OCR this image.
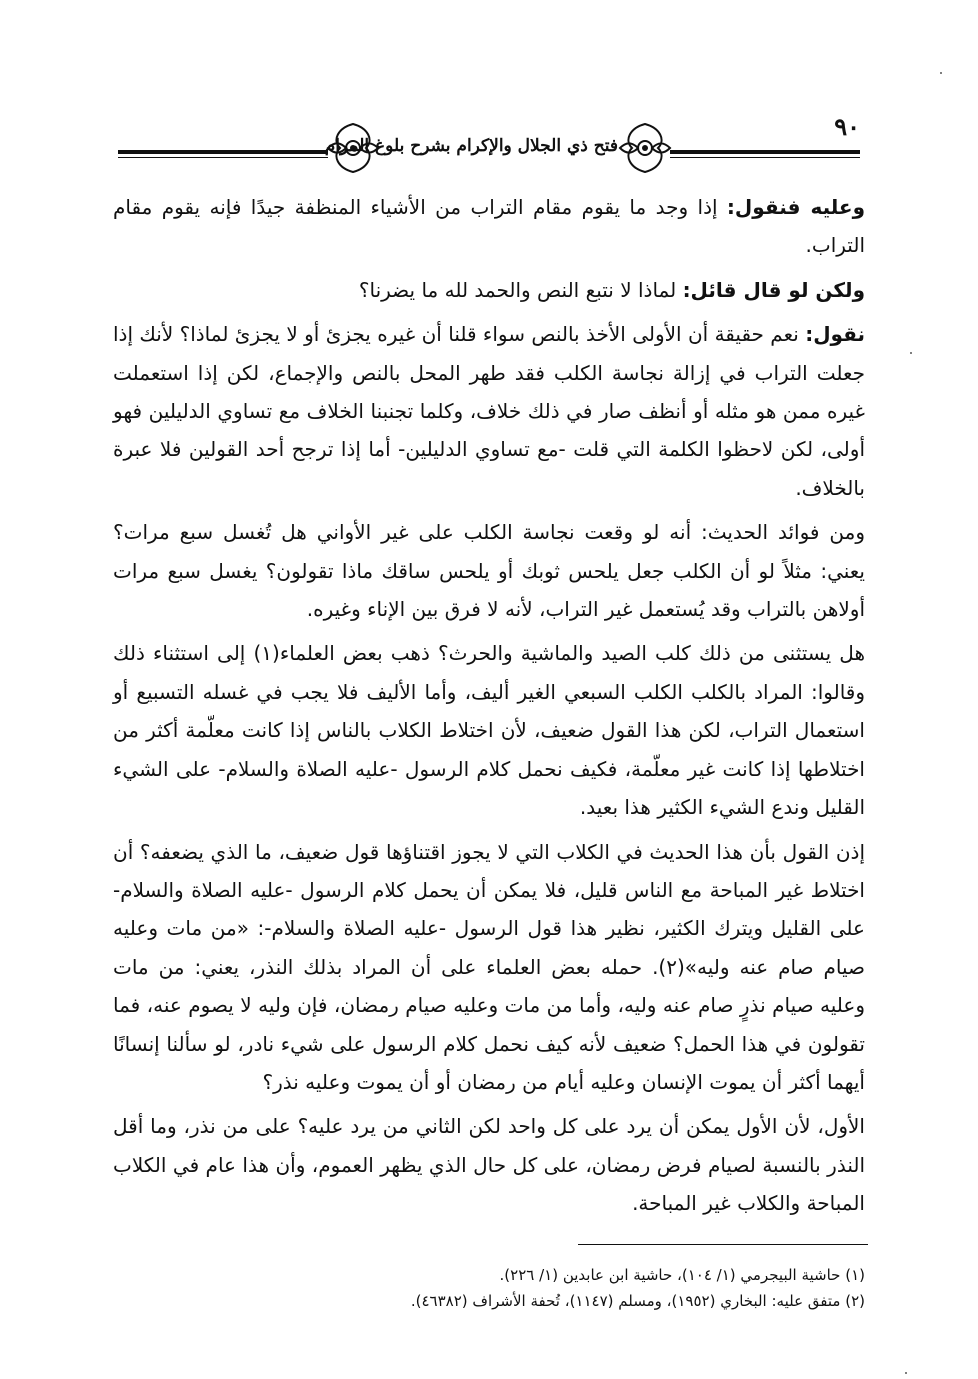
فتح ذي الجلال والإكرام بشرح بلوغ المرام
٩٠

وعليه فنقول: إذا وجد ما يقوم مقام التراب من الأشياء المنظفة جيدًا فإنه يقوم مقام التراب.

ولكن لو قال قائل: لماذا لا نتبع النص والحمد لله ما يضرنا؟

نقول: نعم حقيقة أن الأولى الأخذ بالنص سواء قلنا أن غيره يجزئ أو لا يجزئ لماذا؟ لأنك إذا جعلت التراب في إزالة نجاسة الكلب فقد طهر المحل بالنص والإجماع، لكن إذا استعملت غيره ممن هو مثله أو أنظف صار في ذلك خلاف، وكلما تجنبنا الخلاف مع تساوي الدليلين فهو أولى، لكن لاحظوا الكلمة التي قلت -مع تساوي الدليلين- أما إذا ترجح أحد القولين فلا عبرة بالخلاف.

ومن فوائد الحديث: أنه لو وقعت نجاسة الكلب على غير الأواني هل تُغسل سبع مرات؟ يعني: مثلاً لو أن الكلب جعل يلحس ثوبك أو يلحس ساقك ماذا تقولون؟ يغسل سبع مرات أولاهن بالتراب وقد يُستعمل غير التراب، لأنه لا فرق بين الإناء وغيره.

هل يستثنى من ذلك كلب الصيد والماشية والحرث؟ ذهب بعض العلماء(١) إلى استثناء ذلك وقالوا: المراد بالكلب الكلب السبعي الغير أليف، وأما الأليف فلا يجب في غسله التسبيع أو استعمال التراب، لكن هذا القول ضعيف، لأن اختلاط الكلاب بالناس إذا كانت معلّمة أكثر من اختلاطها إذا كانت غير معلّمة، فكيف نحمل كلام الرسول -عليه الصلاة والسلام- على الشيء القليل وندع الشيء الكثير هذا بعيد.

إذن القول بأن هذا الحديث في الكلاب التي لا يجوز اقتناؤها قول ضعيف، ما الذي يضعفه؟ أن اختلاط غير المباحة مع الناس قليل، فلا يمكن أن يحمل كلام الرسول -عليه الصلاة والسلام- على القليل ويترك الكثير، نظير هذا قول الرسول -عليه الصلاة والسلام-: «من مات وعليه صيام صام عنه وليه»(٢). حمله بعض العلماء على أن المراد بذلك النذر، يعني: من مات وعليه صيام نذرٍ صام عنه وليه، وأما من مات وعليه صيام رمضان، فإن وليه لا يصوم عنه، فما تقولون في هذا الحمل؟ ضعيف لأنه كيف نحمل كلام الرسول على شيء نادر، لو سألنا إنسانًا أيهما أكثر أن يموت الإنسان وعليه أيام من رمضان أو أن يموت وعليه نذر؟

الأول، لأن الأول يمكن أن يرد على كل واحد لكن الثاني من يرد عليه؟ على من نذر، وما أقل النذر بالنسبة لصيام فرض رمضان، على كل حال الذي يظهر العموم، وأن هذا عام في الكلاب المباحة والكلاب غير المباحة.

(١) حاشية البيجرمي (١/ ١٠٤)، حاشية ابن عابدين (١/ ٢٢٦).
(٢) متفق عليه: البخاري (١٩٥٢)، ومسلم (١١٤٧)، تُحفة الأشراف (٤٦٣٨٢).
